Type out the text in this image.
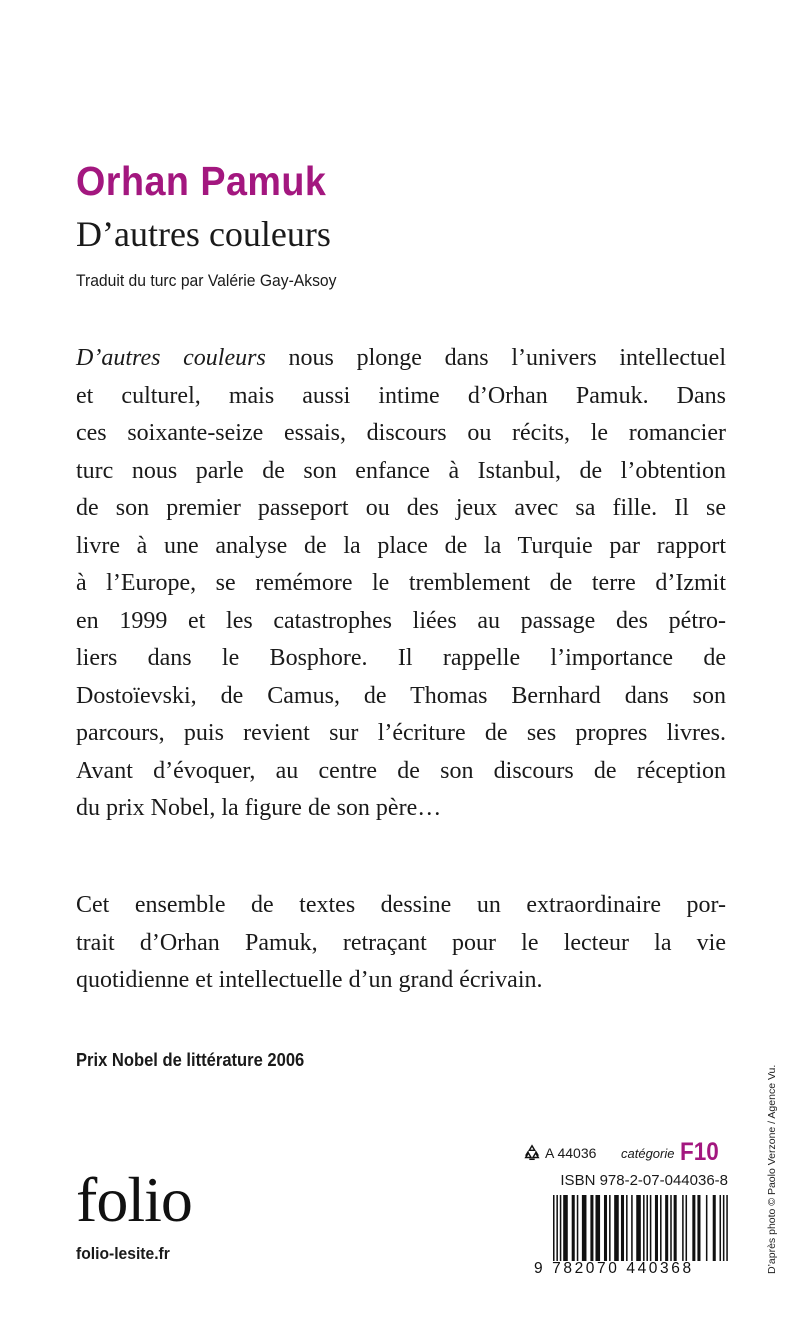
Orhan Pamuk
D’autres couleurs
Traduit du turc par Valérie Gay-Aksoy
D’autres couleurs nous plonge dans l’univers intellectuel
et culturel, mais aussi intime d’Orhan Pamuk. Dans
ces soixante-seize essais, discours ou récits, le romancier
turc nous parle de son enfance à Istanbul, de l’obtention
de son premier passeport ou des jeux avec sa fille. Il se
livre à une analyse de la place de la Turquie par rapport
à l’Europe, se remémore le tremblement de terre d’Izmit
en 1999 et les catastrophes liées au passage des pétro-
liers dans le Bosphore. Il rappelle l’importance de
Dostoïevski, de Camus, de Thomas Bernhard dans son
parcours, puis revient sur l’écriture de ses propres livres.
Avant d’évoquer, au centre de son discours de réception
du prix Nobel, la figure de son père…
Cet ensemble de textes dessine un extraordinaire por-
trait d’Orhan Pamuk, retraçant pour le lecteur la vie
quotidienne et intellectuelle d’un grand écrivain.
Prix Nobel de littérature 2006
folio
folio-lesite.fr
A 44036 catégorie F10
ISBN 978-2-07-044036-8
9 782070 440368	D’après photo © Paolo Verzone / Agence Vu.
